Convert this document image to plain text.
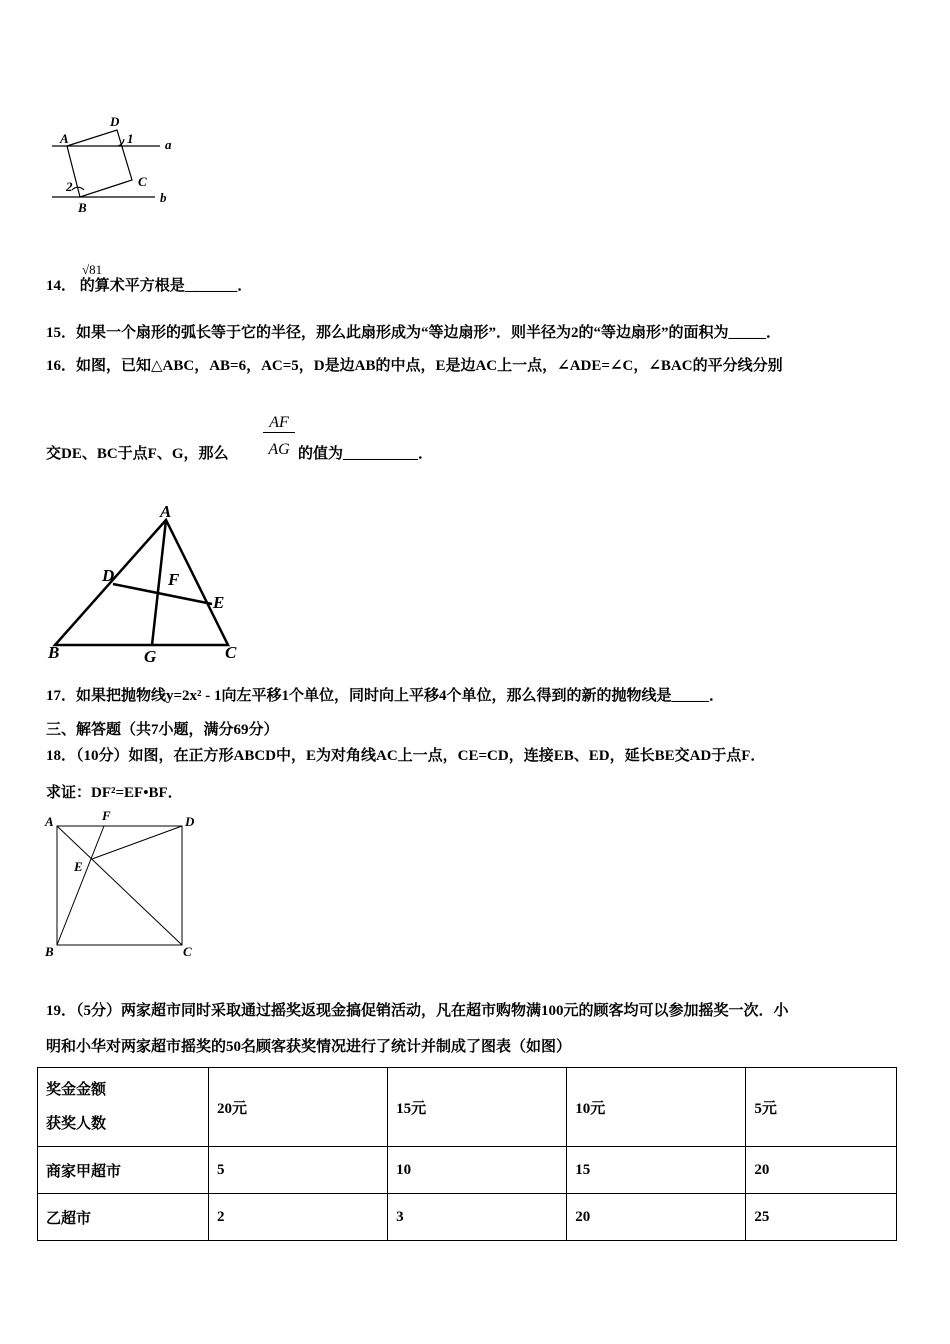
A
D
1 a
2	C
B
b
A
D	F
E
B	G	C
A	F	D
E
B	C
14． 的算术平方根是_______．
√81
15．如果一个扇形的弧长等于它的半径，那么此扇形成为“等边扇形”．则半径为2的“等边扇形”的面积为_____．
16．如图，已知△ABC，AB=6，AC=5，D是边AB的中点，E是边AC上一点，∠ADE=∠C，∠BAC的平分线分别
交DE、BC于点F、G，那么
AF
AG 的值为__________．
17．如果把抛物线y=2x² - 1向左平移1个单位，同时向上平移4个单位，那么得到的新的抛物线是_____．
三、解答题（共7小题，满分69分）
18．（10分）如图，在正方形ABCD中，E为对角线AC上一点，CE=CD，连接EB、ED，延长BE交AD于点F．
求证：DF²=EF•BF．
19．（5分）两家超市同时采取通过摇奖返现金搞促销活动，凡在超市购物满100元的顾客均可以参加摇奖一次．小
明和小华对两家超市摇奖的50名顾客获奖情况进行了统计并制成了图表（如图）
奖金金额
获奖人数	20元	15元	10元	5元
商家甲超市	5	10	15	20
乙超市	2	3	20	25
